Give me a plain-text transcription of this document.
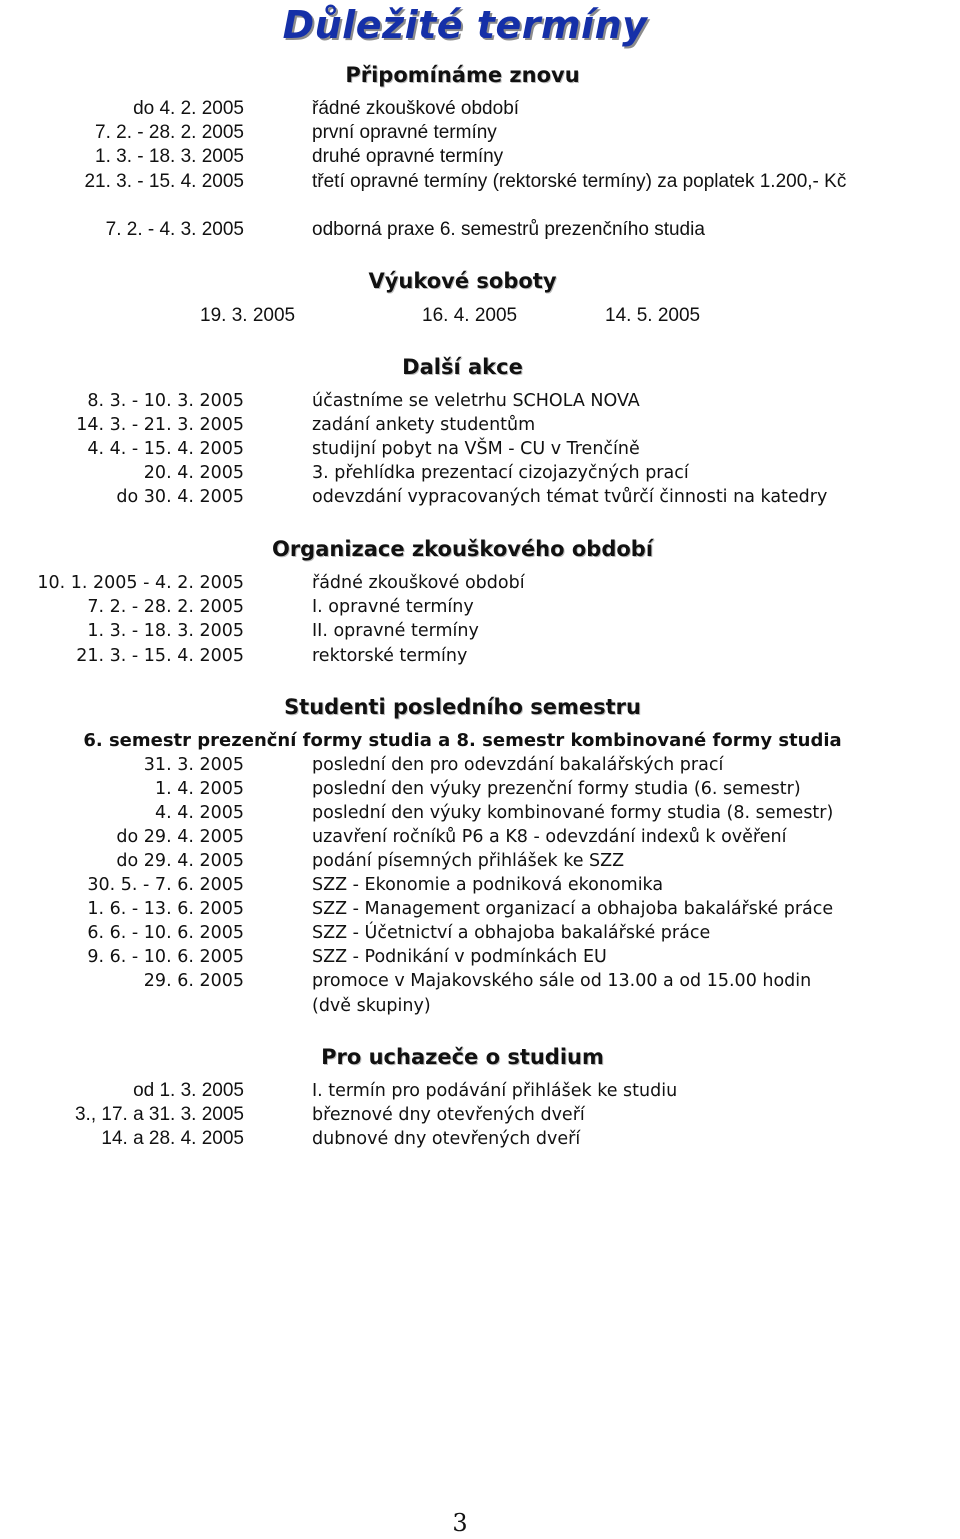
Důležité termíny
Připomínáme znovu
do 4. 2. 2005	řádné zkouškové období
7. 2. - 28. 2. 2005	první opravné termíny
1. 3. - 18. 3. 2005	druhé opravné termíny
21. 3. - 15. 4. 2005	třetí opravné termíny (rektorské termíny) za poplatek 1.200,- Kč
7. 2. - 4. 3. 2005	odborná praxe 6. semestrů prezenčního studia
Výukové soboty
19. 3. 2005	16. 4. 2005	14. 5. 2005
Další akce
8. 3. - 10. 3. 2005	účastníme se veletrhu SCHOLA NOVA
14. 3. - 21. 3. 2005	zadání ankety studentům
4. 4. - 15. 4. 2005	studijní pobyt na VŠM - CU v Trenčíně
20. 4. 2005	3. přehlídka prezentací cizojazyčných prací
do 30. 4. 2005	odevzdání vypracovaných témat tvůrčí činnosti na katedry
Organizace zkouškového období
10. 1. 2005 - 4. 2. 2005	řádné zkouškové období
7. 2. - 28. 2. 2005	I. opravné termíny
1. 3. - 18. 3. 2005	II. opravné termíny
21. 3. - 15. 4. 2005	rektorské termíny
Studenti posledního semestru
6. semestr prezenční formy studia a 8. semestr kombinované formy studia
31. 3. 2005	poslední den pro odevzdání bakalářských prací
1. 4. 2005	poslední den výuky prezenční formy studia (6. semestr)
4. 4. 2005	poslední den výuky kombinované formy studia (8. semestr)
do 29. 4. 2005	uzavření ročníků P6 a K8 - odevzdání indexů k ověření
do 29. 4. 2005	podání písemných přihlášek ke SZZ
30. 5. - 7. 6. 2005	SZZ - Ekonomie a podniková ekonomika
1. 6. - 13. 6. 2005	SZZ - Management organizací a obhajoba bakalářské práce
6. 6. - 10. 6. 2005	SZZ - Účetnictví a obhajoba bakalářské práce
9. 6. - 10. 6. 2005	SZZ - Podnikání v podmínkách EU
29. 6. 2005	promoce v Majakovského sále od 13.00 a od 15.00 hodin
(dvě skupiny)
Pro uchazeče o studium
od 1. 3. 2005	I. termín pro podávání přihlášek ke studiu
3., 17. a 31. 3. 2005	březnové dny otevřených dveří
14. a 28. 4. 2005	dubnové dny otevřených dveří
3
